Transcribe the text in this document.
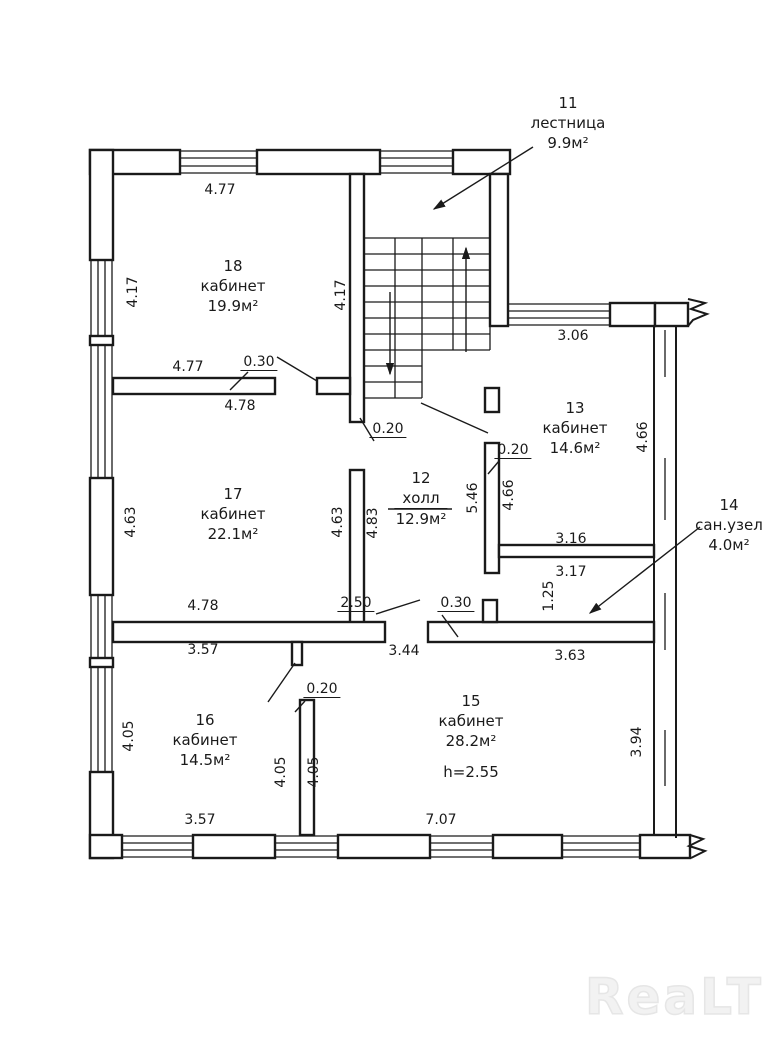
11
лестница
9.9м²
18
кабинет
19.9м²
13
кабинет
14.6м²
17
кабинет
22.1м²
12
холл
12.9м²
14
сан.узел
4.0м²
16
кабинет
14.5м²
15
кабинет
28.2м²
4.77
4.77	0.30
4.78
3.06
0.20
0.20
3.16
3.17
2.50	0.30
4.78
3.57	3.44	3.63
0.20
3.57	7.07
4.17	4.17
4.66
5.46 4.66
1.25
4.63	4.63 4.83
4.05
4.05 4.05
3.94
h=2.55
ReaLT
